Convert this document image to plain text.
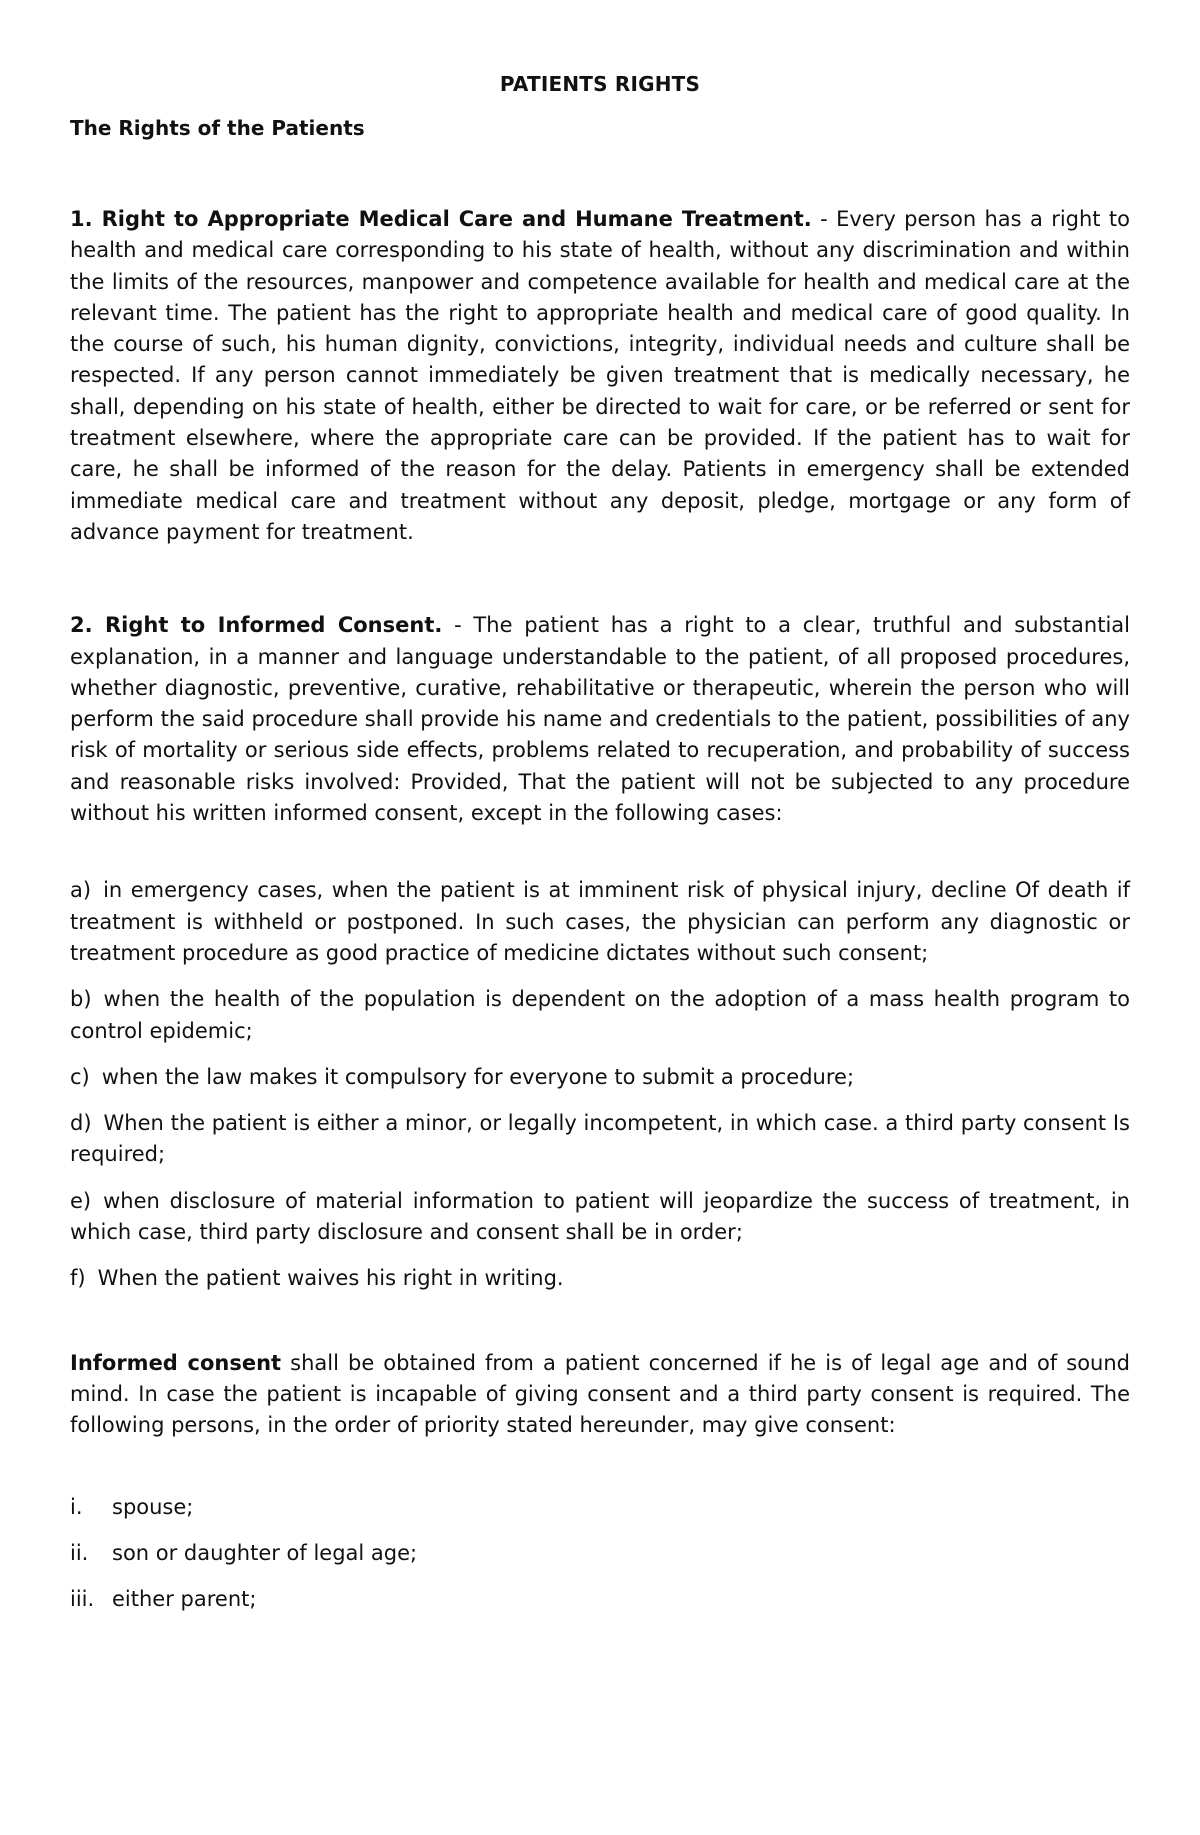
PATIENTS RIGHTS
The Rights of the Patients

1. Right to Appropriate Medical Care and Humane Treatment. - Every person has a right to health and medical care corresponding to his state of health, without any discrimination and within the limits of the resources, manpower and competence available for health and medical care at the relevant time. The patient has the right to appropriate health and medical care of good quality. In the course of such, his human dignity, convictions, integrity, individual needs and culture shall be respected. If any person cannot immediately be given treatment that is medically necessary, he shall, depending on his state of health, either be directed to wait for care, or be referred or sent for treatment elsewhere, where the appropriate care can be provided. If the patient has to wait for care, he shall be informed of the reason for the delay. Patients in emergency shall be extended immediate medical care and treatment without any deposit, pledge, mortgage or any form of advance payment for treatment.

2. Right to Informed Consent. - The patient has a right to a clear, truthful and substantial explanation, in a manner and language understandable to the patient, of all proposed procedures, whether diagnostic, preventive, curative, rehabilitative or therapeutic, wherein the person who will perform the said procedure shall provide his name and credentials to the patient, possibilities of any risk of mortality or serious side effects, problems related to recuperation, and probability of success and reasonable risks involved: Provided, That the patient will not be subjected to any procedure without his written informed consent, except in the following cases:

a) in emergency cases, when the patient is at imminent risk of physical injury, decline Of death if treatment is withheld or postponed. In such cases, the physician can perform any diagnostic or treatment procedure as good practice of medicine dictates without such consent;
b) when the health of the population is dependent on the adoption of a mass health program to control epidemic;
c) when the law makes it compulsory for everyone to submit a procedure;
d) When the patient is either a minor, or legally incompetent, in which case. a third party consent Is required;
e) when disclosure of material information to patient will jeopardize the success of treatment, in which case, third party disclosure and consent shall be in order;
f) When the patient waives his right in writing.

Informed consent shall be obtained from a patient concerned if he is of legal age and of sound mind. In case the patient is incapable of giving consent and a third party consent is required. The following persons, in the order of priority stated hereunder, may give consent:

i.	spouse;
ii.	son or daughter of legal age;
iii. either parent;
